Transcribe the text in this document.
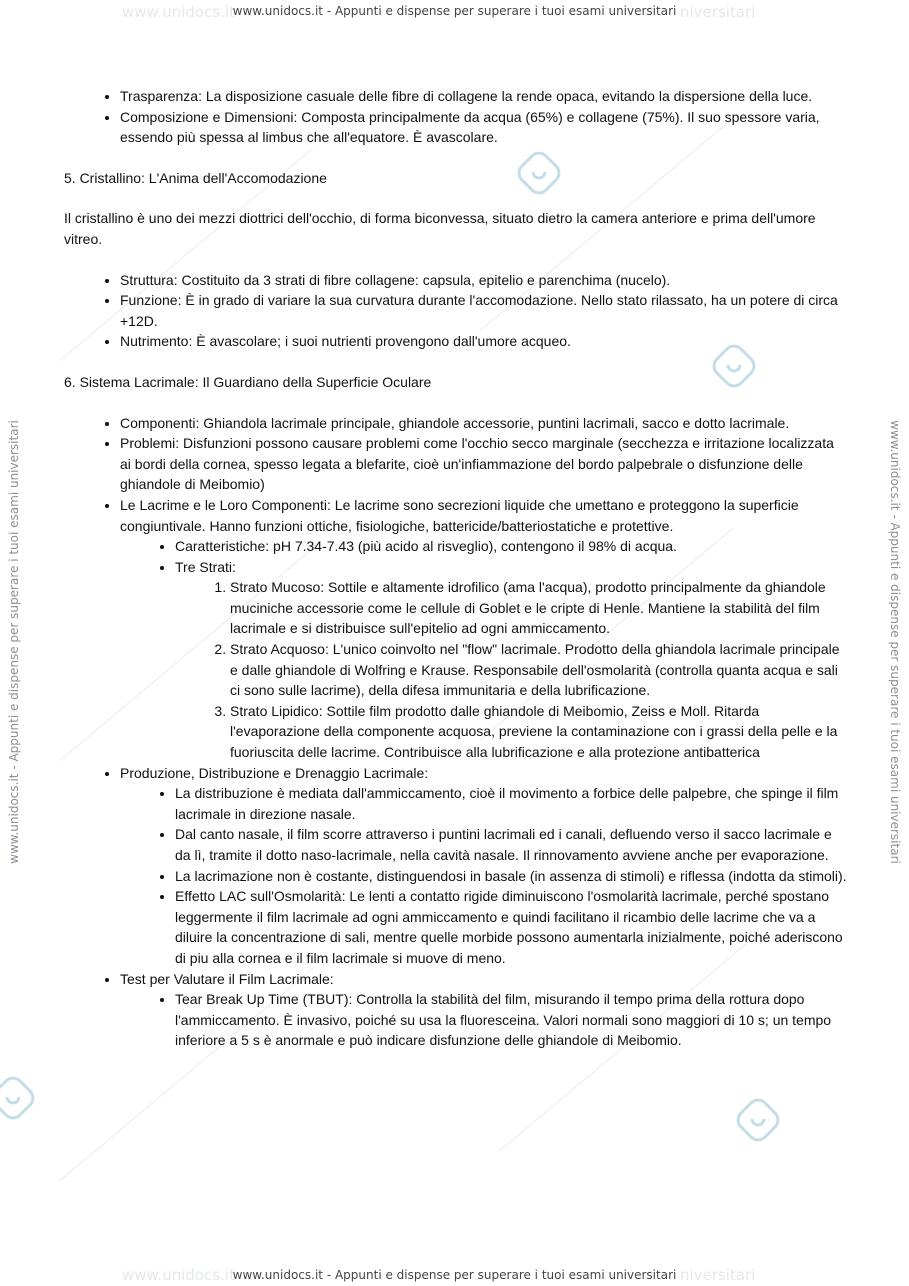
www.unidocs.it	niversitari
www.unidocs.it	niversitari
www.unidocs.it - Appunti e dispense per superare i tuoi esami universitari
www.unidocs.it - Appunti e dispense per superare i tuoi esami universitari
www.unidocs.it - Appunti e dispense per superare i tuoi esami universitari	www.unidocs.it - Appunti e dispense per superare i tuoi esami universitari
• Trasparenza: La disposizione casuale delle fibre di collagene la rende opaca, evitando la dispersione della luce.
• Composizione e Dimensioni: Composta principalmente da acqua (65%) e collagene (75%). Il suo spessore varia, essendo più spessa al limbus che all'equatore. È avascolare.

5. Cristallino: L'Anima dell'Accomodazione

Il cristallino è uno dei mezzi diottrici dell'occhio, di forma biconvessa, situato dietro la camera anteriore e prima dell'umore vitreo.

• Struttura: Costituito da 3 strati di fibre collagene: capsula, epitelio e parenchima (nucelo).
• Funzione: È in grado di variare la sua curvatura durante l'accomodazione. Nello stato rilassato, ha un potere di circa +12D.
• Nutrimento: È avascolare; i suoi nutrienti provengono dall'umore acqueo.

6. Sistema Lacrimale: Il Guardiano della Superficie Oculare

• Componenti: Ghiandola lacrimale principale, ghiandole accessorie, puntini lacrimali, sacco e dotto lacrimale.
• Problemi: Disfunzioni possono causare problemi come l'occhio secco marginale (secchezza e irritazione localizzata ai bordi della cornea, spesso legata a blefarite, cioè un'infiammazione del bordo palpebrale o disfunzione delle ghiandole di Meibomio)
• Le Lacrime e le Loro Componenti: Le lacrime sono secrezioni liquide che umettano e proteggono la superficie congiuntivale. Hanno funzioni ottiche, fisiologiche, battericide/batteriostatiche e protettive.
• Caratteristiche: pH 7.34-7.43 (più acido al risveglio), contengono il 98% di acqua.
• Tre Strati:
1. Strato Mucoso: Sottile e altamente idrofilico (ama l'acqua), prodotto principalmente da ghiandole muciniche accessorie come le cellule di Goblet e le cripte di Henle. Mantiene la stabilità del film lacrimale e si distribuisce sull'epitelio ad ogni ammiccamento.
2. Strato Acquoso: L'unico coinvolto nel "flow" lacrimale. Prodotto della ghiandola lacrimale principale e dalle ghiandole di Wolfring e Krause. Responsabile dell'osmolarità (controlla quanta acqua e sali ci sono sulle lacrime), della difesa immunitaria e della lubrificazione.
3. Strato Lipidico: Sottile film prodotto dalle ghiandole di Meibomio, Zeiss e Moll. Ritarda l'evaporazione della componente acquosa, previene la contaminazione con i grassi della pelle e la fuoriuscita delle lacrime. Contribuisce alla lubrificazione e alla protezione antibatterica
• Produzione, Distribuzione e Drenaggio Lacrimale:
• La distribuzione è mediata dall'ammiccamento, cioè il movimento a forbice delle palpebre, che spinge il film lacrimale in direzione nasale.
• Dal canto nasale, il film scorre attraverso i puntini lacrimali ed i canali, defluendo verso il sacco lacrimale e da lì, tramite il dotto naso-lacrimale, nella cavità nasale. Il rinnovamento avviene anche per evaporazione.
• La lacrimazione non è costante, distinguendosi in basale (in assenza di stimoli) e riflessa (indotta da stimoli).
• Effetto LAC sull'Osmolarità: Le lenti a contatto rigide diminuiscono l'osmolarità lacrimale, perché spostano leggermente il film lacrimale ad ogni ammiccamento e quindi facilitano il ricambio delle lacrime che va a diluire la concentrazione di sali, mentre quelle morbide possono aumentarla inizialmente, poiché aderiscono di piu alla cornea e il film lacrimale si muove di meno.
• Test per Valutare il Film Lacrimale:
• Tear Break Up Time (TBUT): Controlla la stabilità del film, misurando il tempo prima della rottura dopo l'ammiccamento. È invasivo, poiché su usa la fluoresceina. Valori normali sono maggiori di 10 s; un tempo inferiore a 5 s è anormale e può indicare disfunzione delle ghiandole di Meibomio.
